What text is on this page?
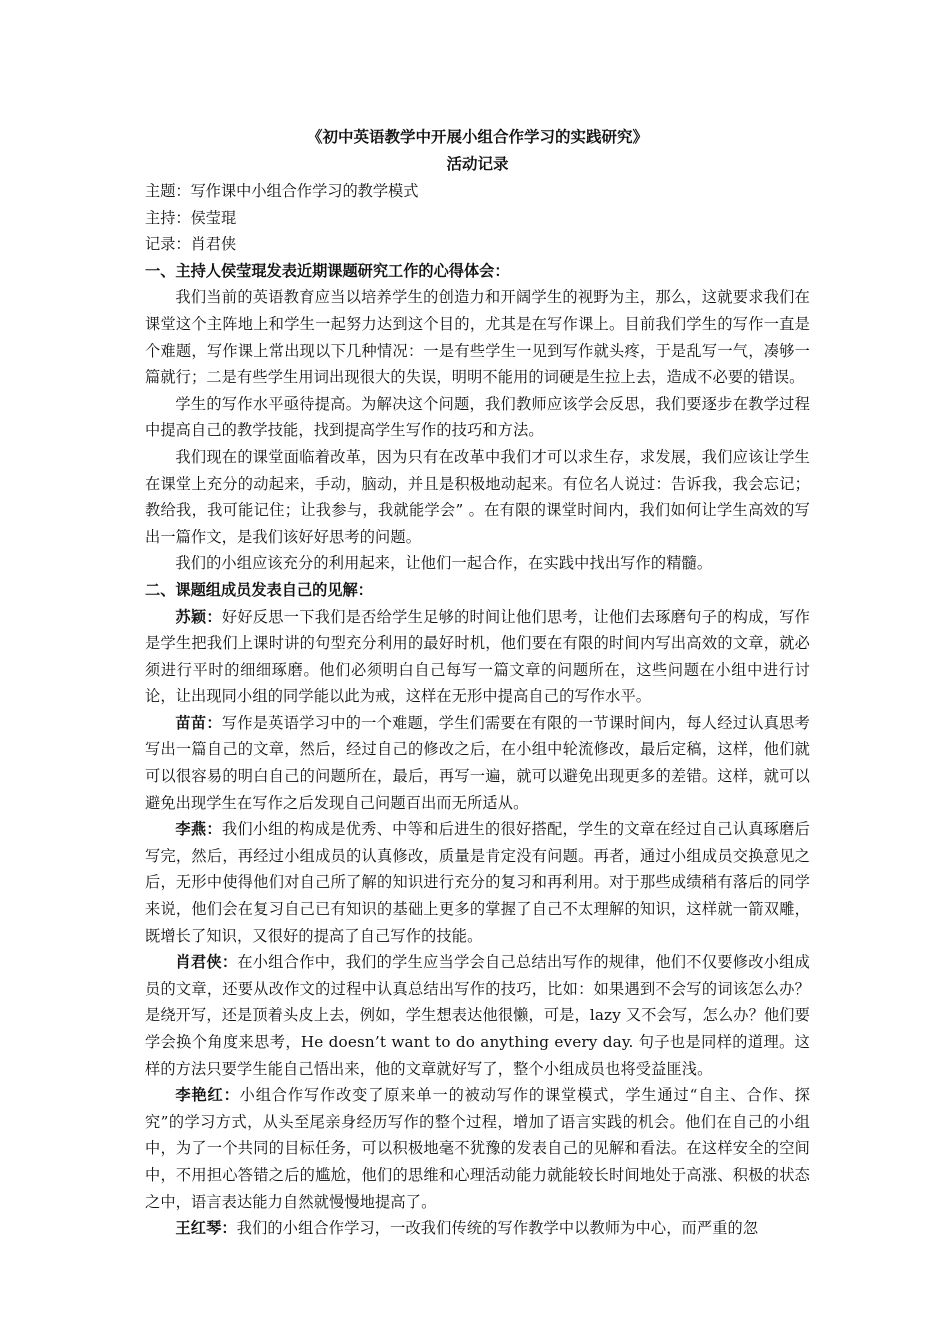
《初中英语教学中开展小组合作学习的实践研究》

活动记录

主题：写作课中小组合作学习的教学模式

主持：侯莹琨

记录：肖君侠

一、主持人侯莹琨发表近期课题研究工作的心得体会：

我们当前的英语教育应当以培养学生的创造力和开阔学生的视野为主，那么，这就要求我们在课堂这个主阵地上和学生一起努力达到这个目的，尤其是在写作课上。目前我们学生的写作一直是个难题，写作课上常出现以下几种情况：一是有些学生一见到写作就头疼，于是乱写一气，凑够一篇就行；二是有些学生用词出现很大的失误，明明不能用的词硬是生拉上去，造成不必要的错误。

学生的写作水平亟待提高。为解决这个问题，我们教师应该学会反思，我们要逐步在教学过程中提高自己的教学技能，找到提高学生写作的技巧和方法。

我们现在的课堂面临着改革，因为只有在改革中我们才可以求生存，求发展，我们应该让学生在课堂上充分的动起来，手动，脑动，并且是积极地动起来。有位名人说过：告诉我，我会忘记；教给我，我可能记住；让我参与，我就能学会” 。在有限的课堂时间内，我们如何让学生高效的写出一篇作文，是我们该好好思考的问题。

我们的小组应该充分的利用起来，让他们一起合作，在实践中找出写作的精髓。

二、课题组成员发表自己的见解：

苏颖：好好反思一下我们是否给学生足够的时间让他们思考，让他们去琢磨句子的构成，写作是学生把我们上课时讲的句型充分利用的最好时机，他们要在有限的时间内写出高效的文章，就必须进行平时的细细琢磨。他们必须明白自己每写一篇文章的问题所在，这些问题在小组中进行讨论，让出现同小组的同学能以此为戒，这样在无形中提高自己的写作水平。

苗苗：写作是英语学习中的一个难题，学生们需要在有限的一节课时间内，每人经过认真思考写出一篇自己的文章，然后，经过自己的修改之后，在小组中轮流修改，最后定稿，这样，他们就可以很容易的明白自己的问题所在，最后，再写一遍，就可以避免出现更多的差错。这样，就可以避免出现学生在写作之后发现自己问题百出而无所适从。

李燕：我们小组的构成是优秀、中等和后进生的很好搭配，学生的文章在经过自己认真琢磨后写完，然后，再经过小组成员的认真修改，质量是肯定没有问题。再者，通过小组成员交换意见之后，无形中使得他们对自己所了解的知识进行充分的复习和再利用。对于那些成绩稍有落后的同学来说，他们会在复习自己已有知识的基础上更多的掌握了自己不太理解的知识，这样就一箭双雕，既增长了知识，又很好的提高了自己写作的技能。

肖君侠：在小组合作中，我们的学生应当学会自己总结出写作的规律，他们不仅要修改小组成员的文章，还要从改作文的过程中认真总结出写作的技巧，比如：如果遇到不会写的词该怎么办？是绕开写，还是顶着头皮上去，例如，学生想表达他很懒，可是，lazy 又不会写，怎么办？他们要学会换个角度来思考，He doesn’t want to do anything every day. 句子也是同样的道理。这样的方法只要学生能自己悟出来，他的文章就好写了，整个小组成员也将受益匪浅。

李艳红：小组合作写作改变了原来单一的被动写作的课堂模式，学生通过“自主、合作、探究”的学习方式，从头至尾亲身经历写作的整个过程，增加了语言实践的机会。他们在自己的小组中，为了一个共同的目标任务，可以积极地毫不犹豫的发表自己的见解和看法。在这样安全的空间中，不用担心答错之后的尴尬，他们的思维和心理活动能力就能较长时间地处于高涨、积极的状态之中，语言表达能力自然就慢慢地提高了。

王红琴：我们的小组合作学习，一改我们传统的写作教学中以教师为中心，而严重的忽
